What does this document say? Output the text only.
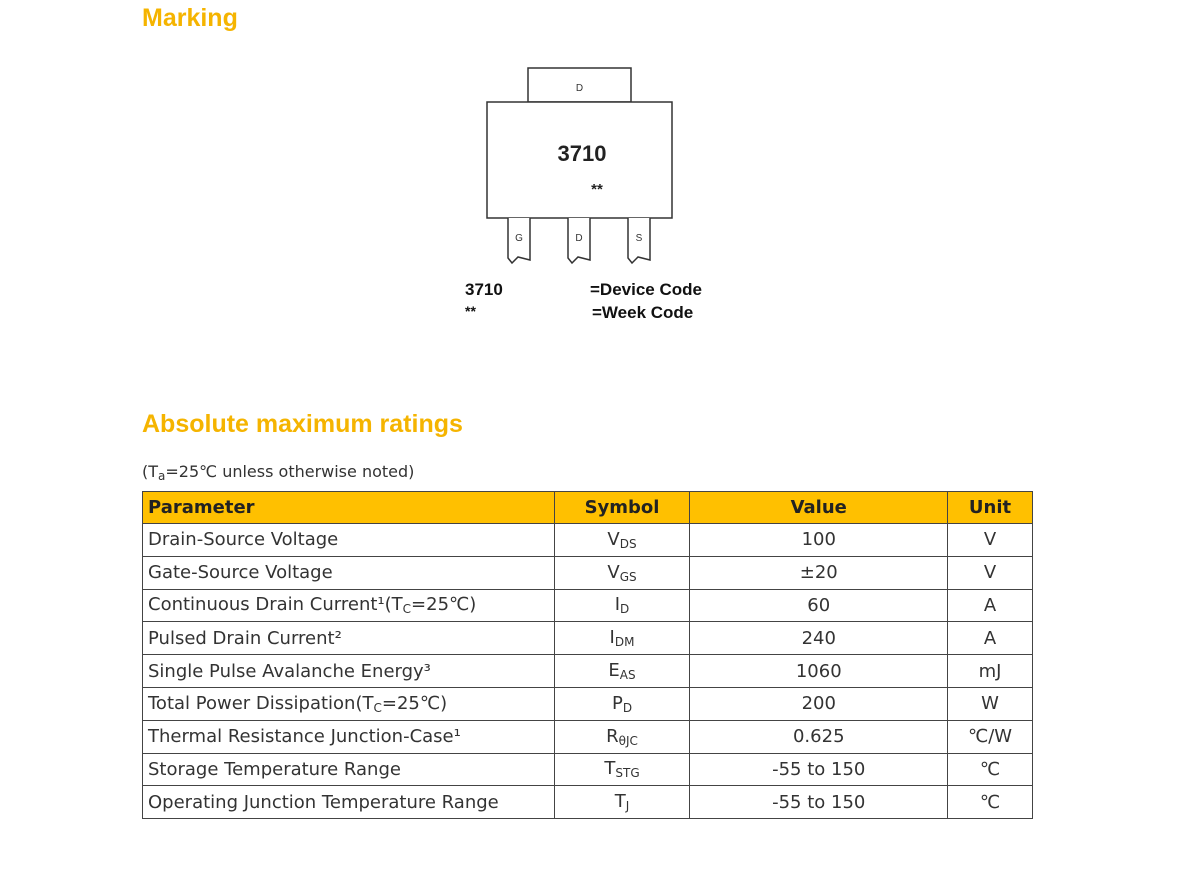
Marking
D
3710
**
G	D	S
3710	=Device Code
**	=Week Code
Absolute maximum ratings
($T_a=25℃$ unless otherwise noted)
Parameter	Symbol	Value	Unit
Drain-Source Voltage	$V_{DS}$	100	V
Gate-Source Voltage	$V_{GS}$	±20	V
Continuous Drain $Current^1(T_C=25℃)$	$I_D$	60	A
Pulsed Drain Current²	$I_{DM}$	240	A
Single Pulse Avalanche Energy³	$E_{AS}$	1060	mJ
Total Power $Dissipation(T_C=25℃)$	$P_D$	200	W
Thermal Resistance Junction-Case¹	$R_{\theta JC}$	0.625	℃/W
Storage Temperature Range	$T_{STG}$	-55 to 150	℃
Operating Junction Temperature Range	$T_J$	-55 to 150	℃
